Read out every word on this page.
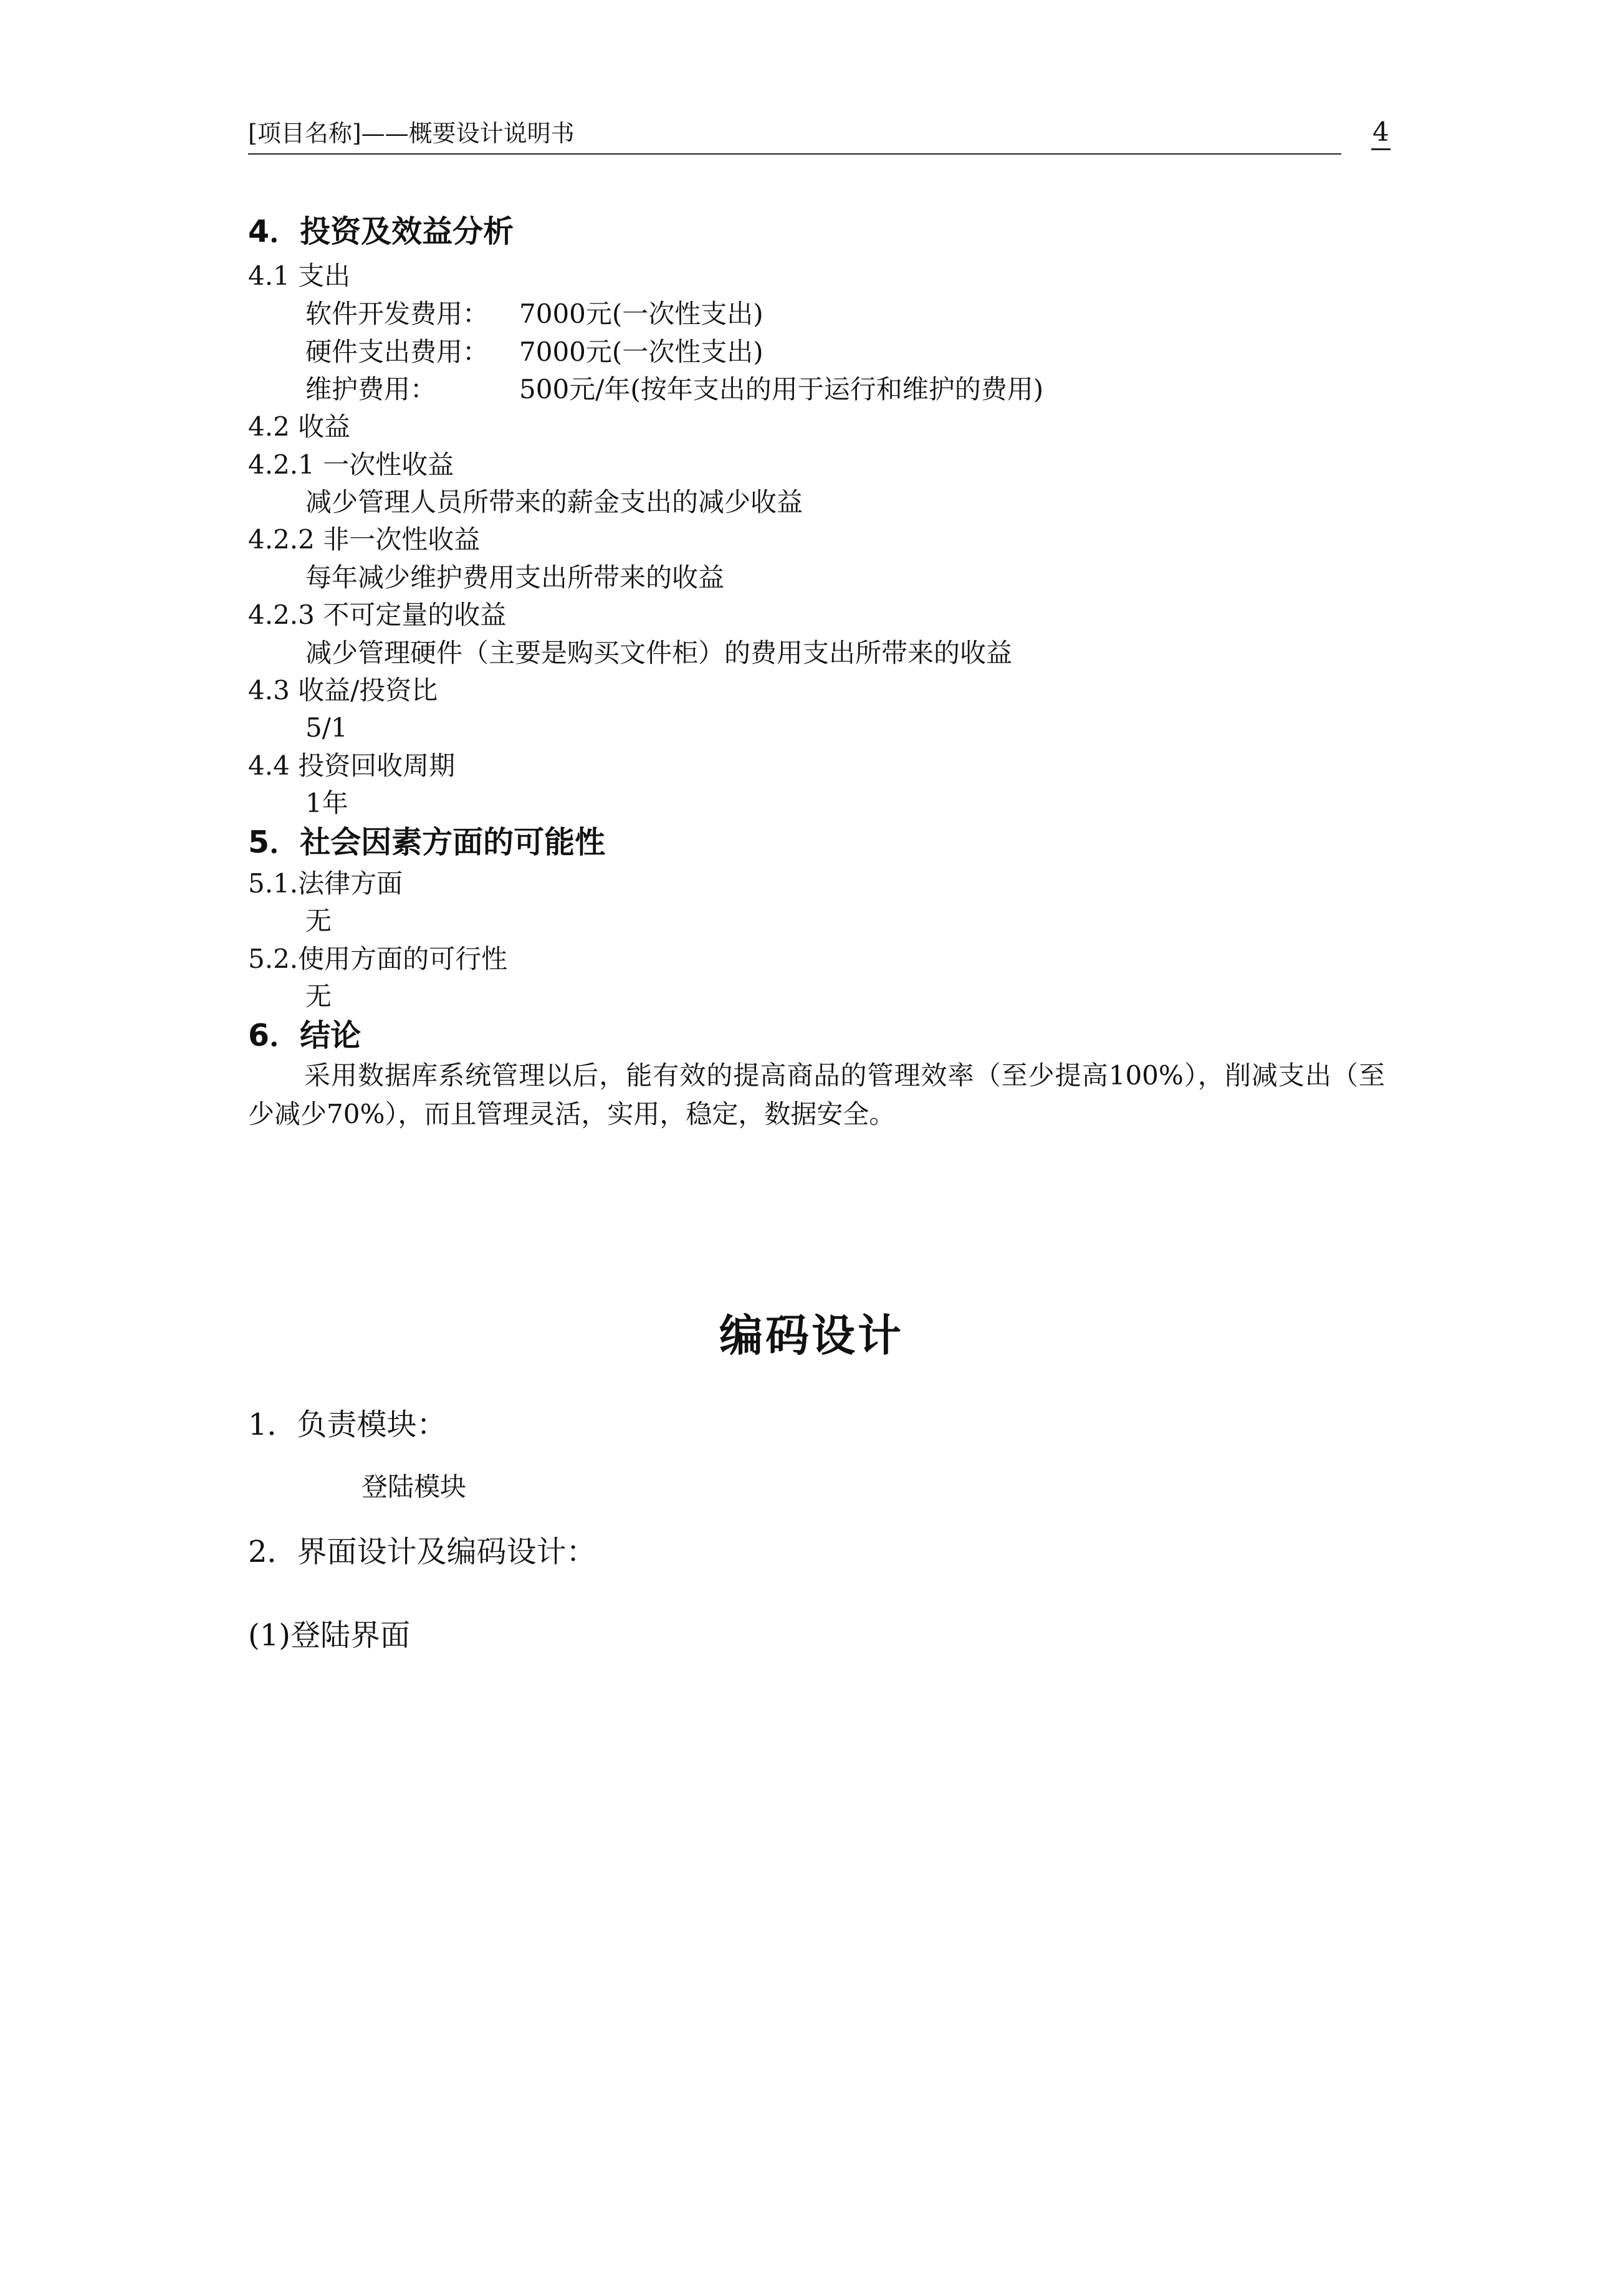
[项目名称]——概要设计说明书	4
4．投资及效益分析
4.1 支出
软件开发费用： 7000元(一次性支出)
硬件支出费用： 7000元(一次性支出)
维护费用：	500元/年(按年支出的用于运行和维护的费用)
4.2 收益
4.2.1 一次性收益
减少管理人员所带来的薪金支出的减少收益
4.2.2 非一次性收益
每年减少维护费用支出所带来的收益
4.2.3 不可定量的收益
减少管理硬件（主要是购买文件柜）的费用支出所带来的收益
4.3 收益/投资比
5/1
4.4 投资回收周期
1年
5．社会因素方面的可能性
5.1.法律方面
无
5.2.使用方面的可行性
无
6．结论
采用数据库系统管理以后，能有效的提高商品的管理效率（至少提高100%），削减支出（至少减少70%），而且管理灵活，实用，稳定，数据安全。
编码设计
1．负责模块：
登陆模块
2．界面设计及编码设计：
(1)登陆界面
